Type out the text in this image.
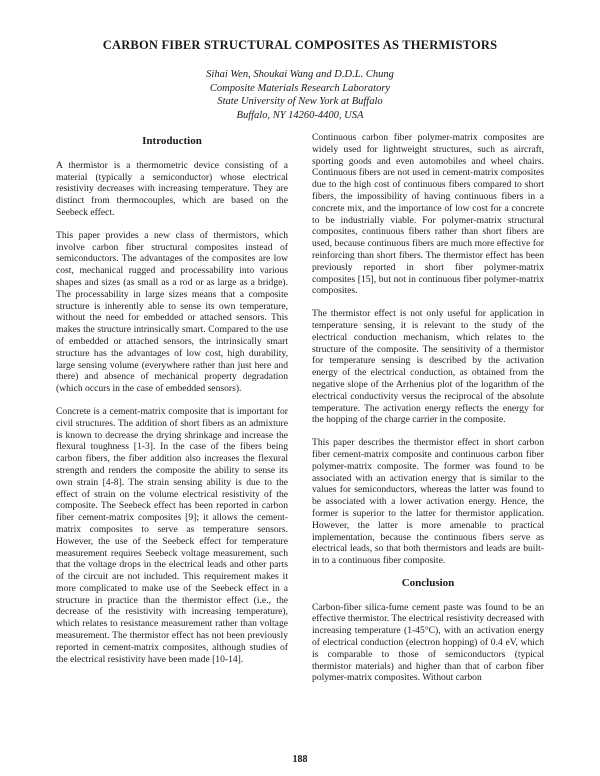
CARBON FIBER STRUCTURAL COMPOSITES AS THERMISTORS
Sihai Wen, Shoukai Wang and D.D.L. Chung
Composite Materials Research Laboratory
State University of New York at Buffalo
Buffalo, NY 14260-4400, USA
Introduction

A thermistor is a thermometric device consisting of a material (typically a semiconductor) whose electrical resistivity decreases with increasing temperature. They are distinct from thermocouples, which are based on the Seebeck effect.

This paper provides a new class of thermistors, which involve carbon fiber structural composites instead of semiconductors. The advantages of the composites are low cost, mechanical rugged and processability into various shapes and sizes (as small as a rod or as large as a bridge). The processability in large sizes means that a composite structure is inherently able to sense its own temperature, without the need for embedded or attached sensors. This makes the structure intrinsically smart. Compared to the use of embedded or attached sensors, the intrinsically smart structure has the advantages of low cost, high durability, large sensing volume (everywhere rather than just here and there) and absence of mechanical property degradation (which occurs in the case of embedded sensors).

Concrete is a cement-matrix composite that is important for civil structures. The addition of short fibers as an admixture is known to decrease the drying shrinkage and increase the flexural toughness [1-3]. In the case of the fibers being carbon fibers, the fiber addition also increases the flexural strength and renders the composite the ability to sense its own strain [4-8]. The strain sensing ability is due to the effect of strain on the volume electrical resistivity of the composite. The Seebeck effect has been reported in carbon fiber cement-matrix composites [9]; it allows the cement-matrix composites to serve as temperature sensors. However, the use of the Seebeck effect for temperature measurement requires Seebeck voltage measurement, such that the voltage drops in the electrical leads and other parts of the circuit are not included. This requirement makes it more complicated to make use of the Seebeck effect in a structure in practice than the thermistor effect (i.e., the decrease of the resistivity with increasing temperature), which relates to resistance measurement rather than voltage measurement. The thermistor effect has not been previously reported in cement-matrix composites, although studies of the electrical resistivity have been made [10-14].

Continuous carbon fiber polymer-matrix composites are widely used for lightweight structures, such as aircraft, sporting goods and even automobiles and wheel chairs. Continuous fibers are not used in cement-matrix composites due to the high cost of continuous fibers compared to short fibers, the impossibility of having continuous fibers in a concrete mix, and the importance of low cost for a concrete to be industrially viable. For polymer-matrix structural composites, continuous fibers rather than short fibers are used, because continuous fibers are much more effective for reinforcing than short fibers. The thermistor effect has been previously reported in short fiber polymer-matrix composites [15], but not in continuous fiber polymer-matrix composites.

The thermistor effect is not only useful for application in temperature sensing, it is relevant to the study of the electrical conduction mechanism, which relates to the structure of the composite. The sensitivity of a thermistor for temperature sensing is described by the activation energy of the electrical conduction, as obtained from the negative slope of the Arrhenius plot of the logarithm of the electrical conductivity versus the reciprocal of the absolute temperature. The activation energy reflects the energy for the hopping of the charge carrier in the composite.

This paper describes the thermistor effect in short carbon fiber cement-matrix composite and continuous carbon fiber polymer-matrix composite. The former was found to be associated with an activation energy that is similar to the values for semiconductors, whereas the latter was found to be associated with a lower activation energy. Hence, the former is superior to the latter for thermistor application. However, the latter is more amenable to practical implementation, because the continuous fibers serve as electrical leads, so that both thermistors and leads are built-in to a continuous fiber composite.

Conclusion

Carbon-fiber silica-fume cement paste was found to be an effective thermistor. The electrical resistivity decreased with increasing temperature (1-45°C), with an activation energy of electrical conduction (electron hopping) of 0.4 eV, which is comparable to those of semiconductors (typical thermistor materials) and higher than that of carbon fiber polymer-matrix composites. Without carbon

188
